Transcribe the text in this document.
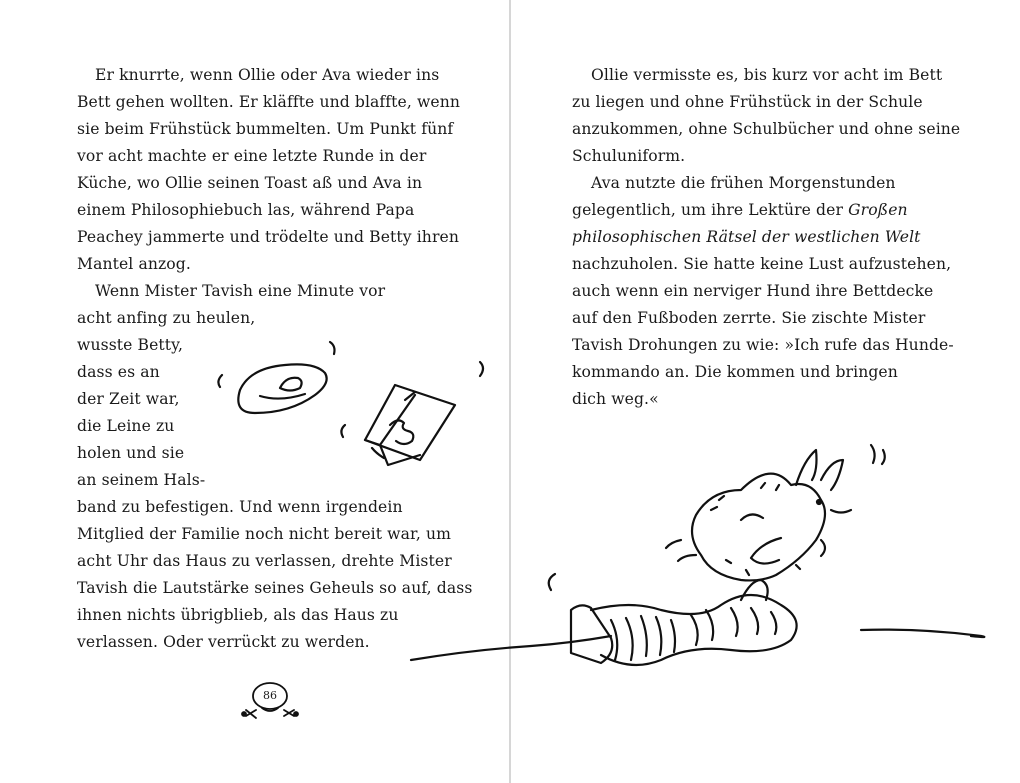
Er knurrte, wenn Ollie oder Ava wieder ins
Bett gehen wollten. Er kläffte und blaffte, wenn
sie beim Frühstück bummelten. Um Punkt fünf
vor acht machte er eine letzte Runde in der
Küche, wo Ollie seinen Toast aß und Ava in
einem Philosophiebuch las, während Papa
Peachey jammerte und trödelte und Betty ihren
Mantel anzog.
Wenn Mister Tavish eine Minute vor
acht anfing zu heulen,
wusste Betty,
dass es an
der Zeit war,
die Leine zu
holen und sie
an seinem Hals-
band zu befestigen. Und wenn irgendein
Mitglied der Familie noch nicht bereit war, um
acht Uhr das Haus zu verlassen, drehte Mister
Tavish die Lautstärke seines Geheuls so auf, dass
ihnen nichts übrigblieb, als das Haus zu
verlassen. Oder verrückt zu werden.
86
Ollie vermisste es, bis kurz vor acht im Bett
zu liegen und ohne Frühstück in der Schule
anzukommen, ohne Schulbücher und ohne seine
Schuluniform.
Ava nutzte die frühen Morgenstunden
gelegentlich, um ihre Lektüre der Großen
philosophischen Rätsel der westlichen Welt
nachzuholen. Sie hatte keine Lust aufzustehen,
auch wenn ein nerviger Hund ihre Bettdecke
auf den Fußboden zerrte. Sie zischte Mister
Tavish Drohungen zu wie: »Ich rufe das Hunde-
kommando an. Die kommen und bringen
dich weg.«
